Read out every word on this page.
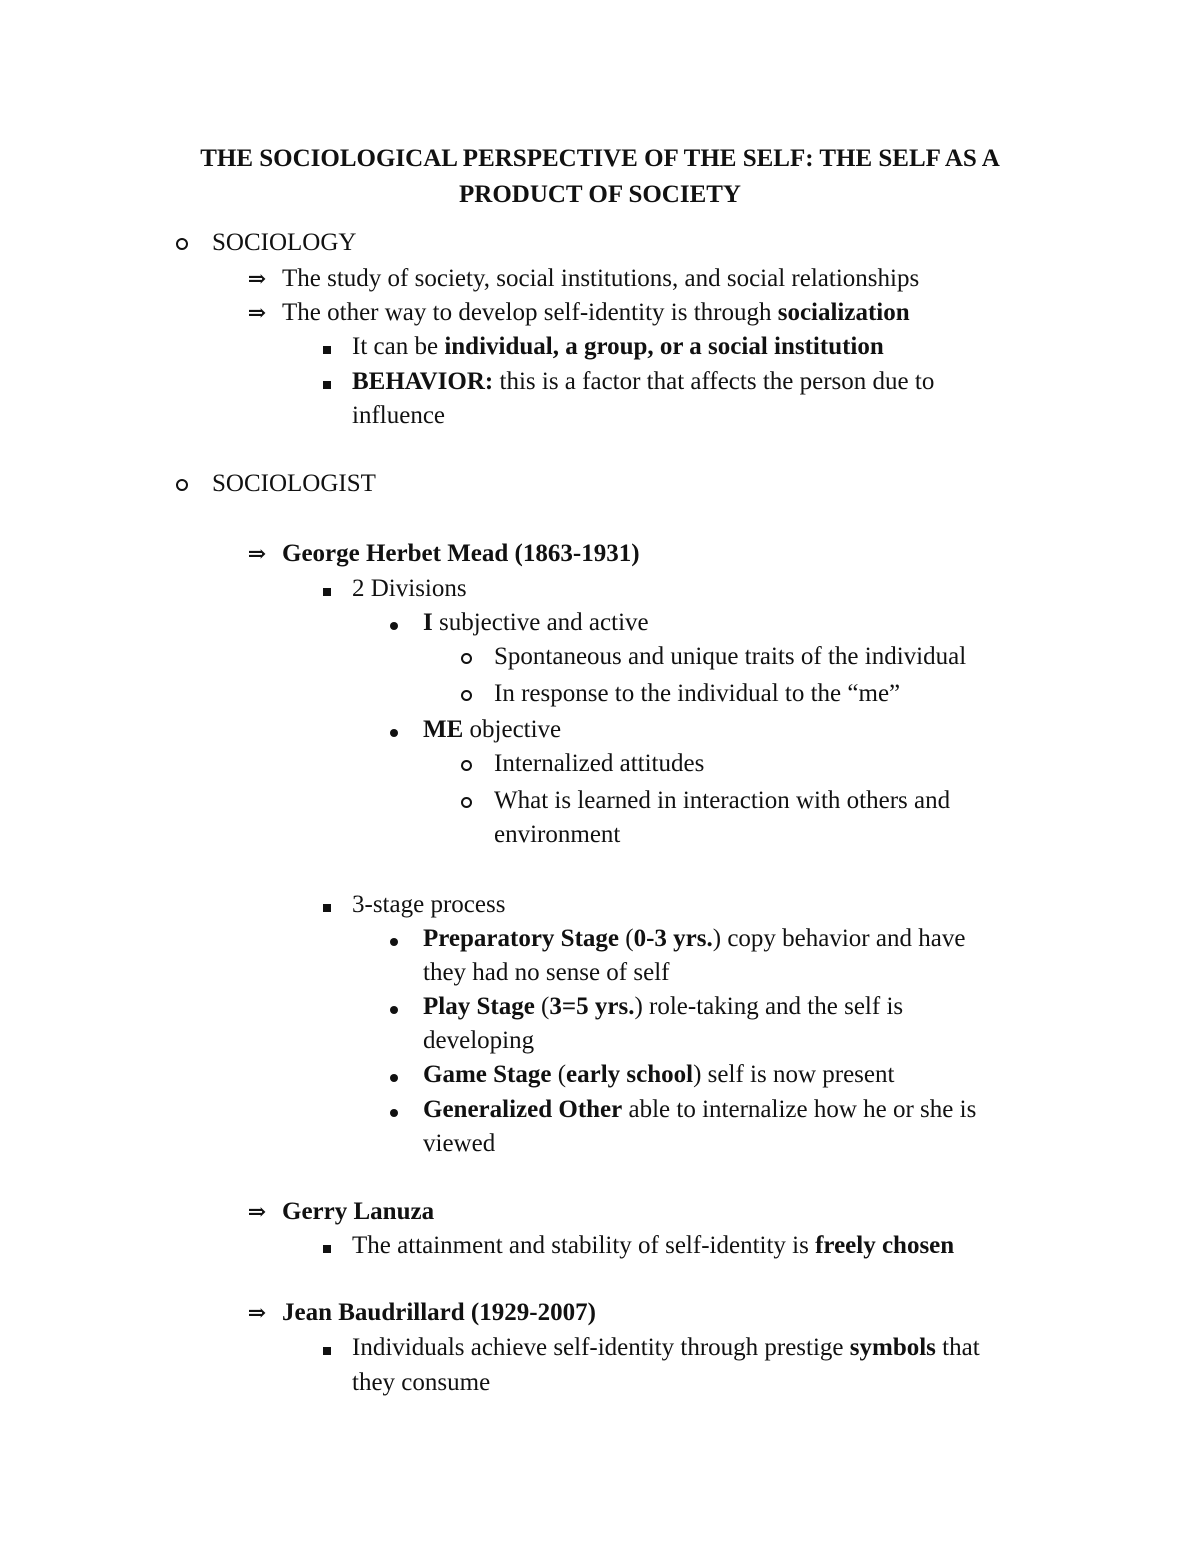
THE SOCIOLOGICAL PERSPECTIVE OF THE SELF: THE SELF AS A
PRODUCT OF SOCIETY
SOCIOLOGY
⇒ The study of society, social institutions, and social relationships
⇒ The other way to develop self-identity is through socialization
It can be individual, a group, or a social institution
BEHAVIOR: this is a factor that affects the person due to
influence
SOCIOLOGIST
⇒ George Herbet Mead (1863-1931)
2 Divisions
I subjective and active
Spontaneous and unique traits of the individual
In response to the individual to the “me”
ME objective
Internalized attitudes
What is learned in interaction with others and
environment
3-stage process
Preparatory Stage (0-3 yrs.) copy behavior and have
they had no sense of self
Play Stage (3=5 yrs.) role-taking and the self is
developing
Game Stage (early school) self is now present
Generalized Other able to internalize how he or she is
viewed
⇒ Gerry Lanuza
The attainment and stability of self-identity is freely chosen
⇒ Jean Baudrillard (1929-2007)
Individuals achieve self-identity through prestige symbols that
they consume
